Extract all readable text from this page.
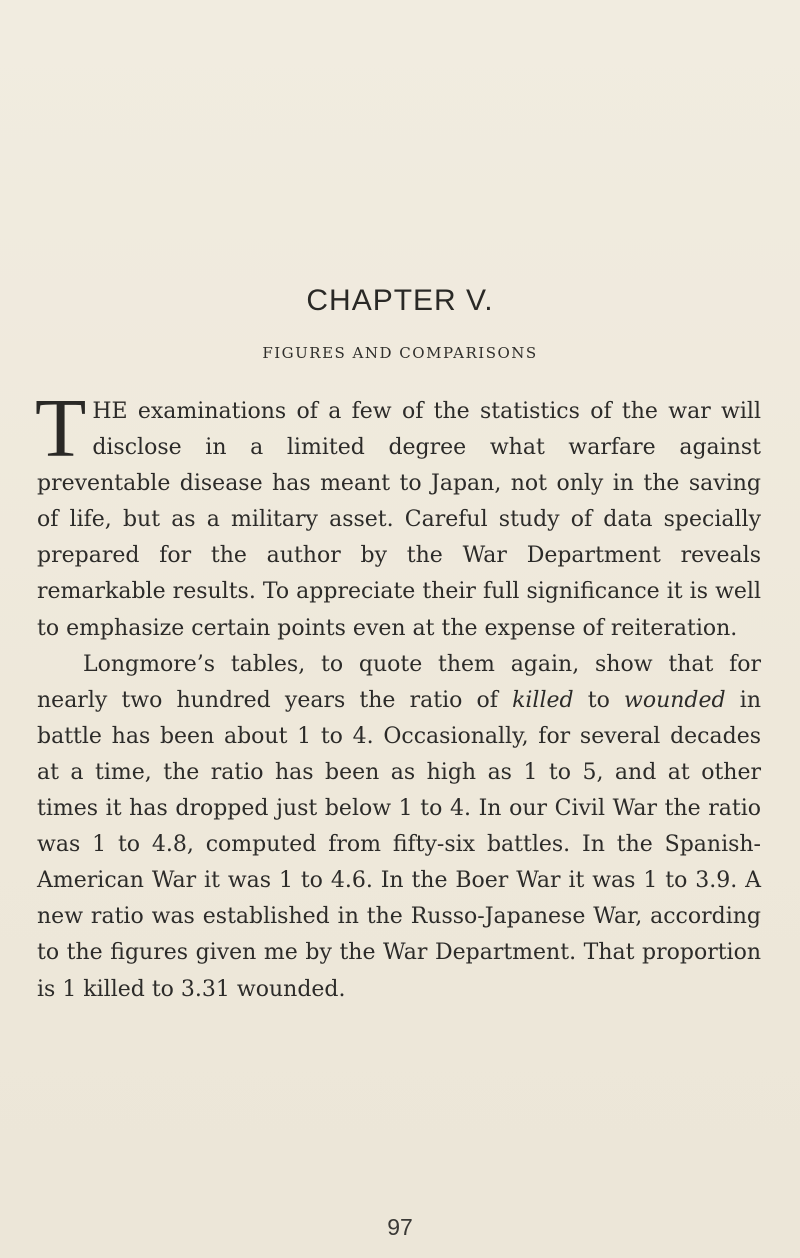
CHAPTER V.
FIGURES AND COMPARISONS

THE examinations of a few of the statistics of the war will disclose in a limited degree what warfare against preventable disease has meant to Japan, not only in the saving of life, but as a military asset. Careful study of data specially prepared for the author by the War Department reveals remarkable results. To appreciate their full significance it is well to emphasize certain points even at the expense of reiteration.

Longmore’s tables, to quote them again, show that for nearly two hundred years the ratio of killed to wounded in battle has been about 1 to 4. Occasionally, for several decades at a time, the ratio has been as high as 1 to 5, and at other times it has dropped just below 1 to 4. In our Civil War the ratio was 1 to 4.8, computed from fifty-six battles. In the Spanish-American War it was 1 to 4.6. In the Boer War it was 1 to 3.9. A new ratio was established in the Russo-Japanese War, according to the figures given me by the War Department. That proportion is 1 killed to 3.31 wounded.

97
